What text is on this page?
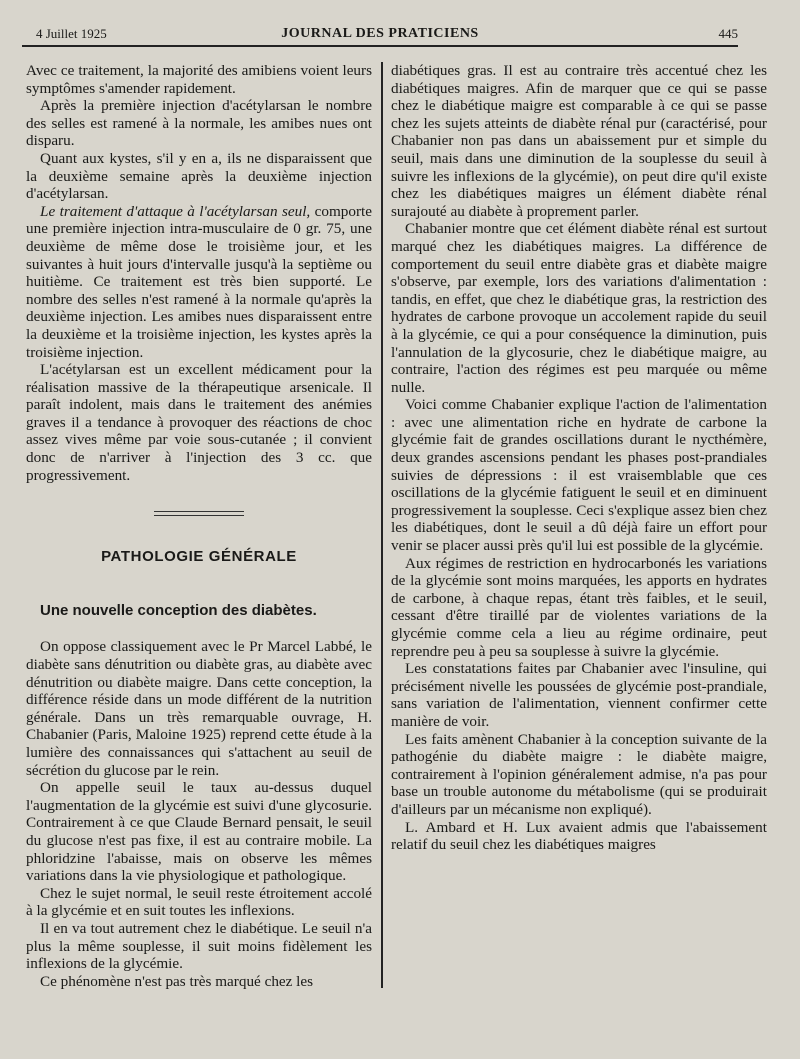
4 Juillet 1925	JOURNAL DES PRATICIENS	445

Avec ce traitement, la majorité des amibiens voient leurs symptômes s'amender rapidement.

Après la première injection d'acétylarsan le nombre des selles est ramené à la normale, les amibes nues ont disparu.

Quant aux kystes, s'il y en a, ils ne disparaissent que la deuxième semaine après la deuxième injection d'acétylarsan.

Le traitement d'attaque à l'acétylarsan seul, comporte une première injection intra-musculaire de 0 gr. 75, une deuxième de même dose le troisième jour, et les suivantes à huit jours d'intervalle jusqu'à la septième ou huitième. Ce traitement est très bien supporté. Le nombre des selles n'est ramené à la normale qu'après la deuxième injection. Les amibes nues disparaissent entre la deuxième et la troisième injection, les kystes après la troisième injection.

L'acétylarsan est un excellent médicament pour la réalisation massive de la thérapeutique arsenicale. Il paraît indolent, mais dans le traitement des anémies graves il a tendance à provoquer des réactions de choc assez vives même par voie sous-cutanée ; il convient donc de n'arriver à l'injection des 3 cc. que progressivement.

PATHOLOGIE GÉNÉRALE
Une nouvelle conception des diabètes.

On oppose classiquement avec le Pr Marcel Labbé, le diabète sans dénutrition ou diabète gras, au diabète avec dénutrition ou diabète maigre. Dans cette conception, la différence réside dans un mode différent de la nutrition générale. Dans un très remarquable ouvrage, H. Chabanier (Paris, Maloine 1925) reprend cette étude à la lumière des connaissances qui s'attachent au seuil de sécrétion du glucose par le rein.

On appelle seuil le taux au-dessus duquel l'augmentation de la glycémie est suivi d'une glycosurie. Contrairement à ce que Claude Bernard pensait, le seuil du glucose n'est pas fixe, il est au contraire mobile. La phloridzine l'abaisse, mais on observe les mêmes variations dans la vie physiologique et pathologique.

Chez le sujet normal, le seuil reste étroitement accolé à la glycémie et en suit toutes les inflexions.

Il en va tout autrement chez le diabétique. Le seuil n'a plus la même souplesse, il suit moins fidèlement les inflexions de la glycémie.

Ce phénomène n'est pas très marqué chez les

diabétiques gras. Il est au contraire très accentué chez les diabétiques maigres. Afin de marquer que ce qui se passe chez le diabétique maigre est comparable à ce qui se passe chez les sujets atteints de diabète rénal pur (caractérisé, pour Chabanier non pas dans un abaissement pur et simple du seuil, mais dans une diminution de la souplesse du seuil à suivre les inflexions de la glycémie), on peut dire qu'il existe chez les diabétiques maigres un élément diabète rénal surajouté au diabète à proprement parler.

Chabanier montre que cet élément diabète rénal est surtout marqué chez les diabétiques maigres. La différence de comportement du seuil entre diabète gras et diabète maigre s'observe, par exemple, lors des variations d'alimentation : tandis, en effet, que chez le diabétique gras, la restriction des hydrates de carbone provoque un accolement rapide du seuil à la glycémie, ce qui a pour conséquence la diminution, puis l'annulation de la glycosurie, chez le diabétique maigre, au contraire, l'action des régimes est peu marquée ou même nulle.

Voici comme Chabanier explique l'action de l'alimentation : avec une alimentation riche en hydrate de carbone la glycémie fait de grandes oscillations durant le nycthémère, deux grandes ascensions pendant les phases post-prandiales suivies de dépressions : il est vraisemblable que ces oscillations de la glycémie fatiguent le seuil et en diminuent progressivement la souplesse. Ceci s'explique assez bien chez les diabétiques, dont le seuil a dû déjà faire un effort pour venir se placer aussi près qu'il lui est possible de la glycémie.

Aux régimes de restriction en hydrocarbonés les variations de la glycémie sont moins marquées, les apports en hydrates de carbone, à chaque repas, étant très faibles, et le seuil, cessant d'être tiraillé par de violentes variations de la glycémie comme cela a lieu au régime ordinaire, peut reprendre peu à peu sa souplesse à suivre la glycémie.

Les constatations faites par Chabanier avec l'insuline, qui précisément nivelle les poussées de glycémie post-prandiale, sans variation de l'alimentation, viennent confirmer cette manière de voir.

Les faits amènent Chabanier à la conception suivante de la pathogénie du diabète maigre : le diabète maigre, contrairement à l'opinion généralement admise, n'a pas pour base un trouble autonome du métabolisme (qui se produirait d'ailleurs par un mécanisme non expliqué).

L. Ambard et H. Lux avaient admis que l'abaissement relatif du seuil chez les diabétiques maigres
